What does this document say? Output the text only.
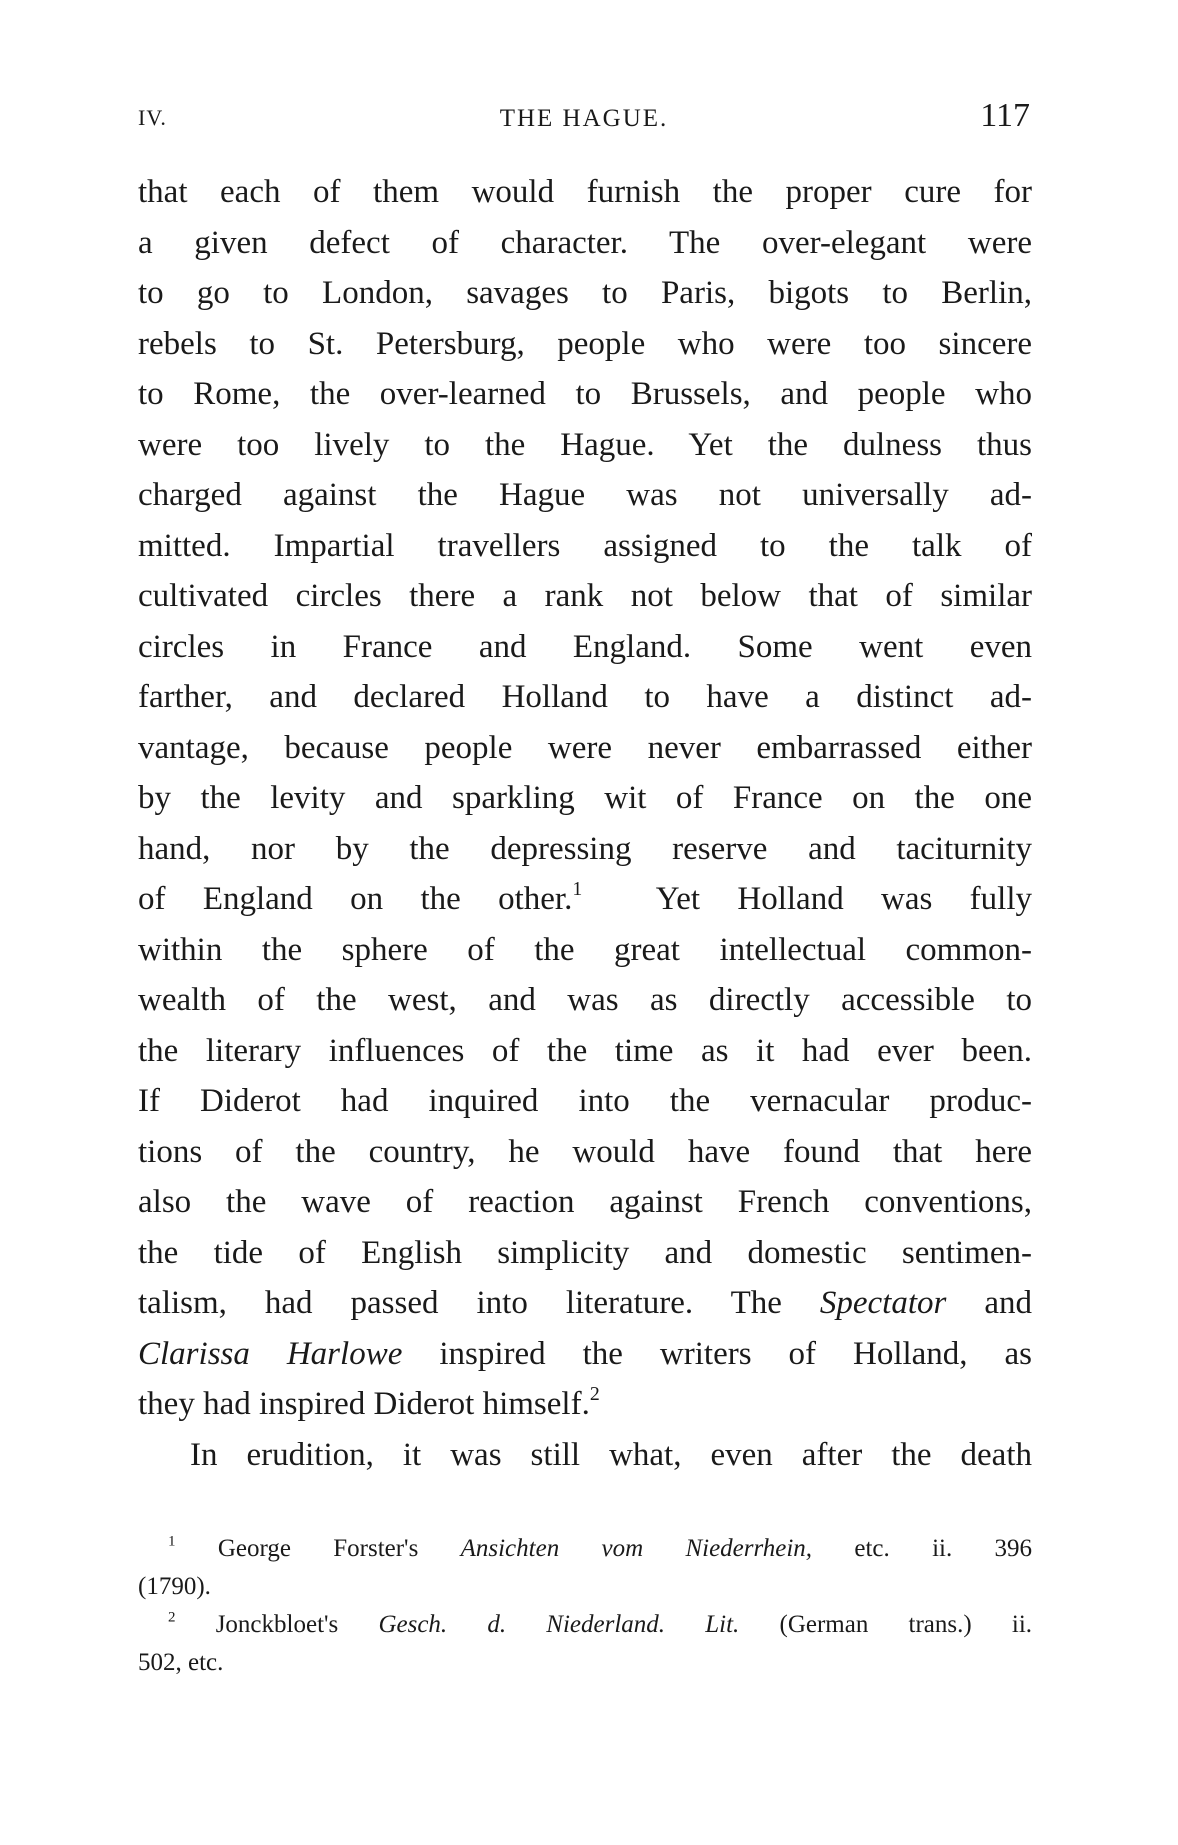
IV.	THE HAGUE.	117
that each of them would furnish the proper cure for
a given defect of character. The over-elegant were
to go to London, savages to Paris, bigots to Berlin,
rebels to St. Petersburg, people who were too sincere
to Rome, the over-learned to Brussels, and people who
were too lively to the Hague. Yet the dulness thus
charged against the Hague was not universally ad-
mitted. Impartial travellers assigned to the talk of
cultivated circles there a rank not below that of similar
circles in France and England. Some went even
farther, and declared Holland to have a distinct ad-
vantage, because people were never embarrassed either
by the levity and sparkling wit of France on the one
hand, nor by the depressing reserve and taciturnity
of England on the other.$^1$ Yet Holland was fully
within the sphere of the great intellectual common-
wealth of the west, and was as directly accessible to
the literary influences of the time as it had ever been.
If Diderot had inquired into the vernacular produc-
tions of the country, he would have found that here
also the wave of reaction against French conventions,
the tide of English simplicity and domestic sentimen-
talism, had passed into literature. The Spectator and
Clarissa Harlowe inspired the writers of Holland, as
they had inspired Diderot himself.$^2$
In erudition, it was still what, even after the death
$^1$ George Forster's Ansichten vom Niederrhein, etc. ii. 396
(1790).
$^2$ Jonckbloet's Gesch. d. Niederland. Lit. (German trans.) ii.
502, etc.
